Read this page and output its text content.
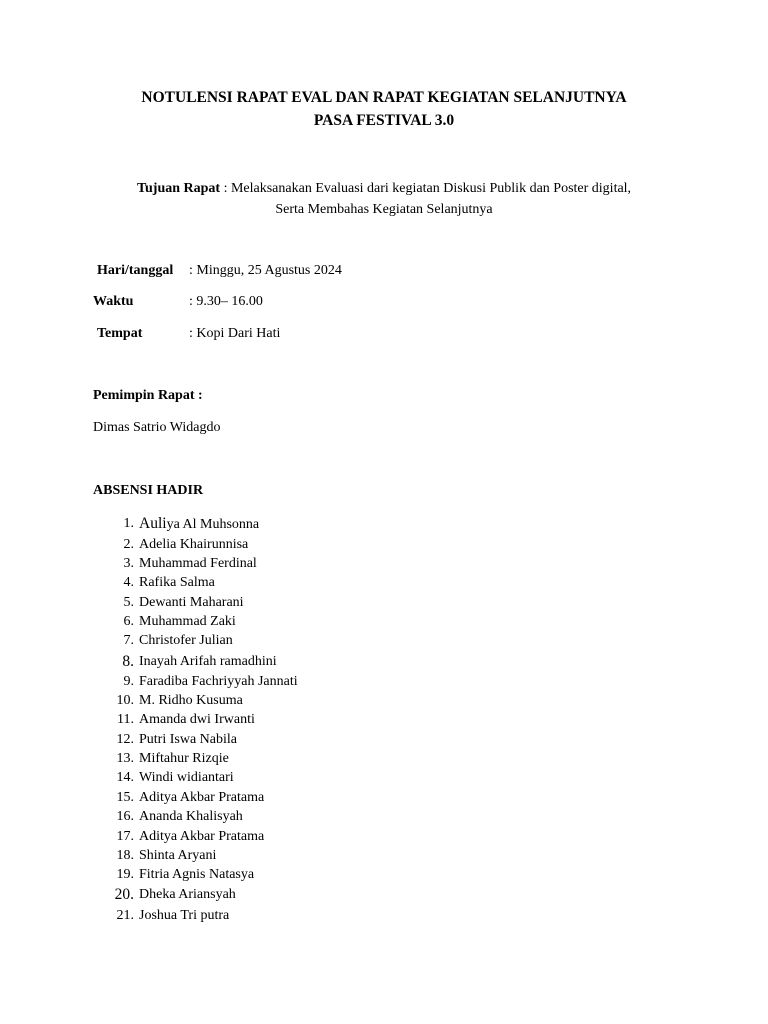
NOTULENSI RAPAT EVAL DAN RAPAT KEGIATAN SELANJUTNYA
PASA FESTIVAL 3.0
Tujuan Rapat : Melaksanakan Evaluasi dari kegiatan Diskusi Publik dan Poster digital,
Serta Membahas Kegiatan Selanjutnya
Hari/tanggal : Minggu, 25 Agustus 2024
Waktu	: 9.30– 16.00
Tempat	: Kopi Dari Hati
Pemimpin Rapat :
Dimas Satrio Widagdo
ABSENSI HADIR
1. Auliya Al Muhsonna
2. Adelia Khairunnisa
3. Muhammad Ferdinal
4. Rafika Salma
5. Dewanti Maharani
6. Muhammad Zaki
7. Christofer Julian
8. Inayah Arifah ramadhini
9. Faradiba Fachriyyah Jannati
10. M. Ridho Kusuma
11. Amanda dwi Irwanti
12. Putri Iswa Nabila
13. Miftahur Rizqie
14. Windi widiantari
15. Aditya Akbar Pratama
16. Ananda Khalisyah
17. Aditya Akbar Pratama
18. Shinta Aryani
19. Fitria Agnis Natasya
20. Dheka Ariansyah
21. Joshua Tri putra
